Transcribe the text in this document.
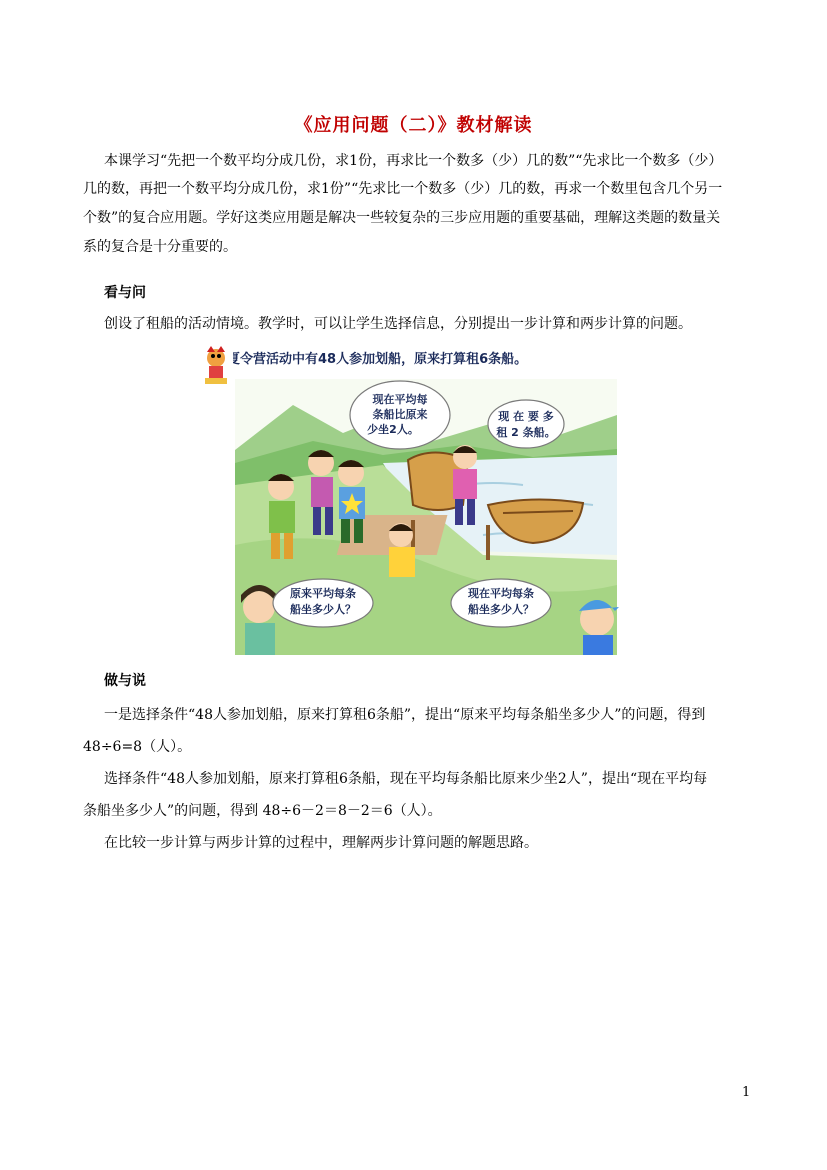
《应用问题（二）》教材解读
本课学习“先把一个数平均分成几份，求1份，再求比一个数多（少）几的数”“先求比一个数多（少）
几的数，再把一个数平均分成几份，求1份”“先求比一个数多（少）几的数，再求一个数里包含几个另一
个数”的复合应用题。学好这类应用题是解决一些较复杂的三步应用题的重要基础，理解这类题的数量关
系的复合是十分重要的。
看与问
创设了租船的活动情境。教学时，可以让学生选择信息，分别提出一步计算和两步计算的问题。
现在平均每
条船比原来
少坐2人。
现 在 要 多
租 2 条船。
原来平均每条
船坐多少人？
现在平均每条
船坐多少人？
夏令营活动中有48人参加划船，原来打算租6条船。
做与说
一是选择条件“48人参加划船，原来打算租6条船”，提出“原来平均每条船坐多少人”的问题，得到
48÷6=8（人）。
选择条件“48人参加划船，原来打算租6条船，现在平均每条船比原来少坐2人”，提出“现在平均每
条船坐多少人”的问题，得到 48÷6－2＝8－2＝6（人）。
在比较一步计算与两步计算的过程中，理解两步计算问题的解题思路。
1
